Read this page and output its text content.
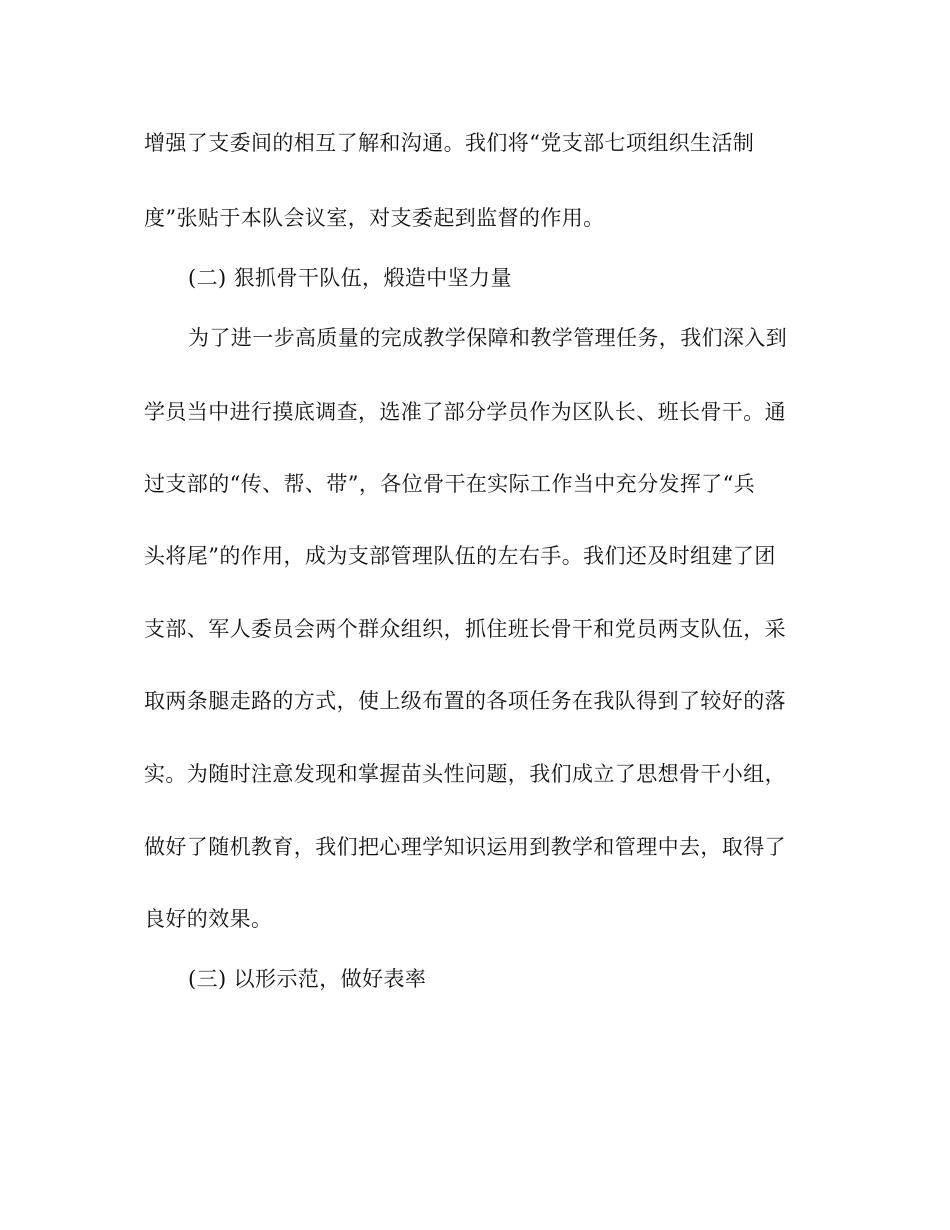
增强了支委间的相互了解和沟通。我们将“党支部七项组织生活制
度”张贴于本队会议室，对支委起到监督的作用。
(二) 狠抓骨干队伍，煅造中坚力量
为了进一步高质量的完成教学保障和教学管理任务，我们深入到
学员当中进行摸底调查，选准了部分学员作为区队长、班长骨干。通
过支部的“传、帮、带”，各位骨干在实际工作当中充分发挥了“兵
头将尾”的作用，成为支部管理队伍的左右手。我们还及时组建了团
支部、军人委员会两个群众组织，抓住班长骨干和党员两支队伍，采
取两条腿走路的方式，使上级布置的各项任务在我队得到了较好的落
实。为随时注意发现和掌握苗头性问题，我们成立了思想骨干小组，
做好了随机教育，我们把心理学知识运用到教学和管理中去，取得了
良好的效果。
(三) 以形示范，做好表率
